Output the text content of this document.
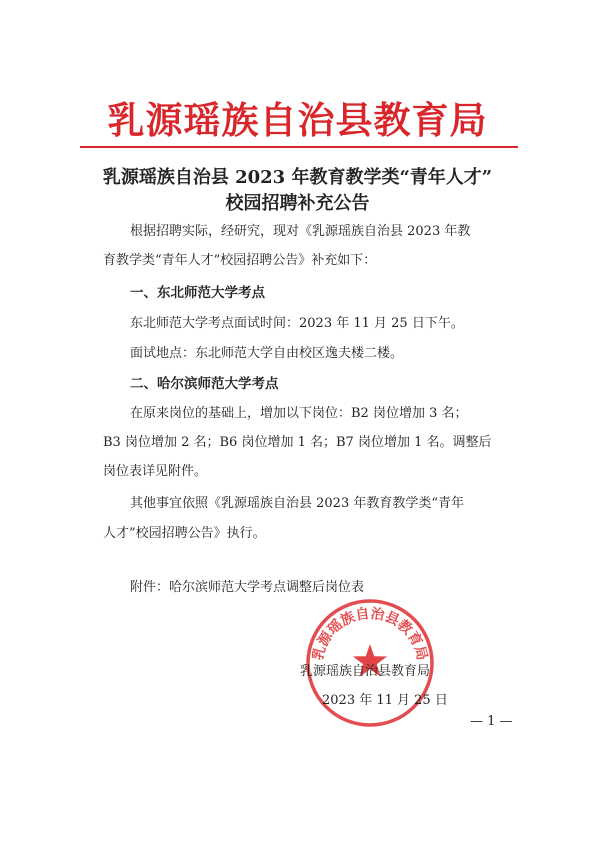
乳源瑶族自治县教育局
乳源瑶族自治县 2023 年教育教学类“青年人才”
校园招聘补充公告
根据招聘实际，经研究，现对《乳源瑶族自治县 2023 年教
育教学类“青年人才”校园招聘公告》补充如下：
一、东北师范大学考点
东北师范大学考点面试时间：2023 年 11 月 25 日下午。
面试地点：东北师范大学自由校区逸夫楼二楼。
二、哈尔滨师范大学考点
在原来岗位的基础上，增加以下岗位：B2 岗位增加 3 名；
B3 岗位增加 2 名；B6 岗位增加 1 名；B7 岗位增加 1 名。调整后
岗位表详见附件。
其他事宜依照《乳源瑶族自治县 2023 年教育教学类“青年
人才”校园招聘公告》执行。
附件：哈尔滨师范大学考点调整后岗位表
乳源瑶族自治县教育局
乳源瑶族自治县教育局
2023 年 11 月 25 日
— 1 —
